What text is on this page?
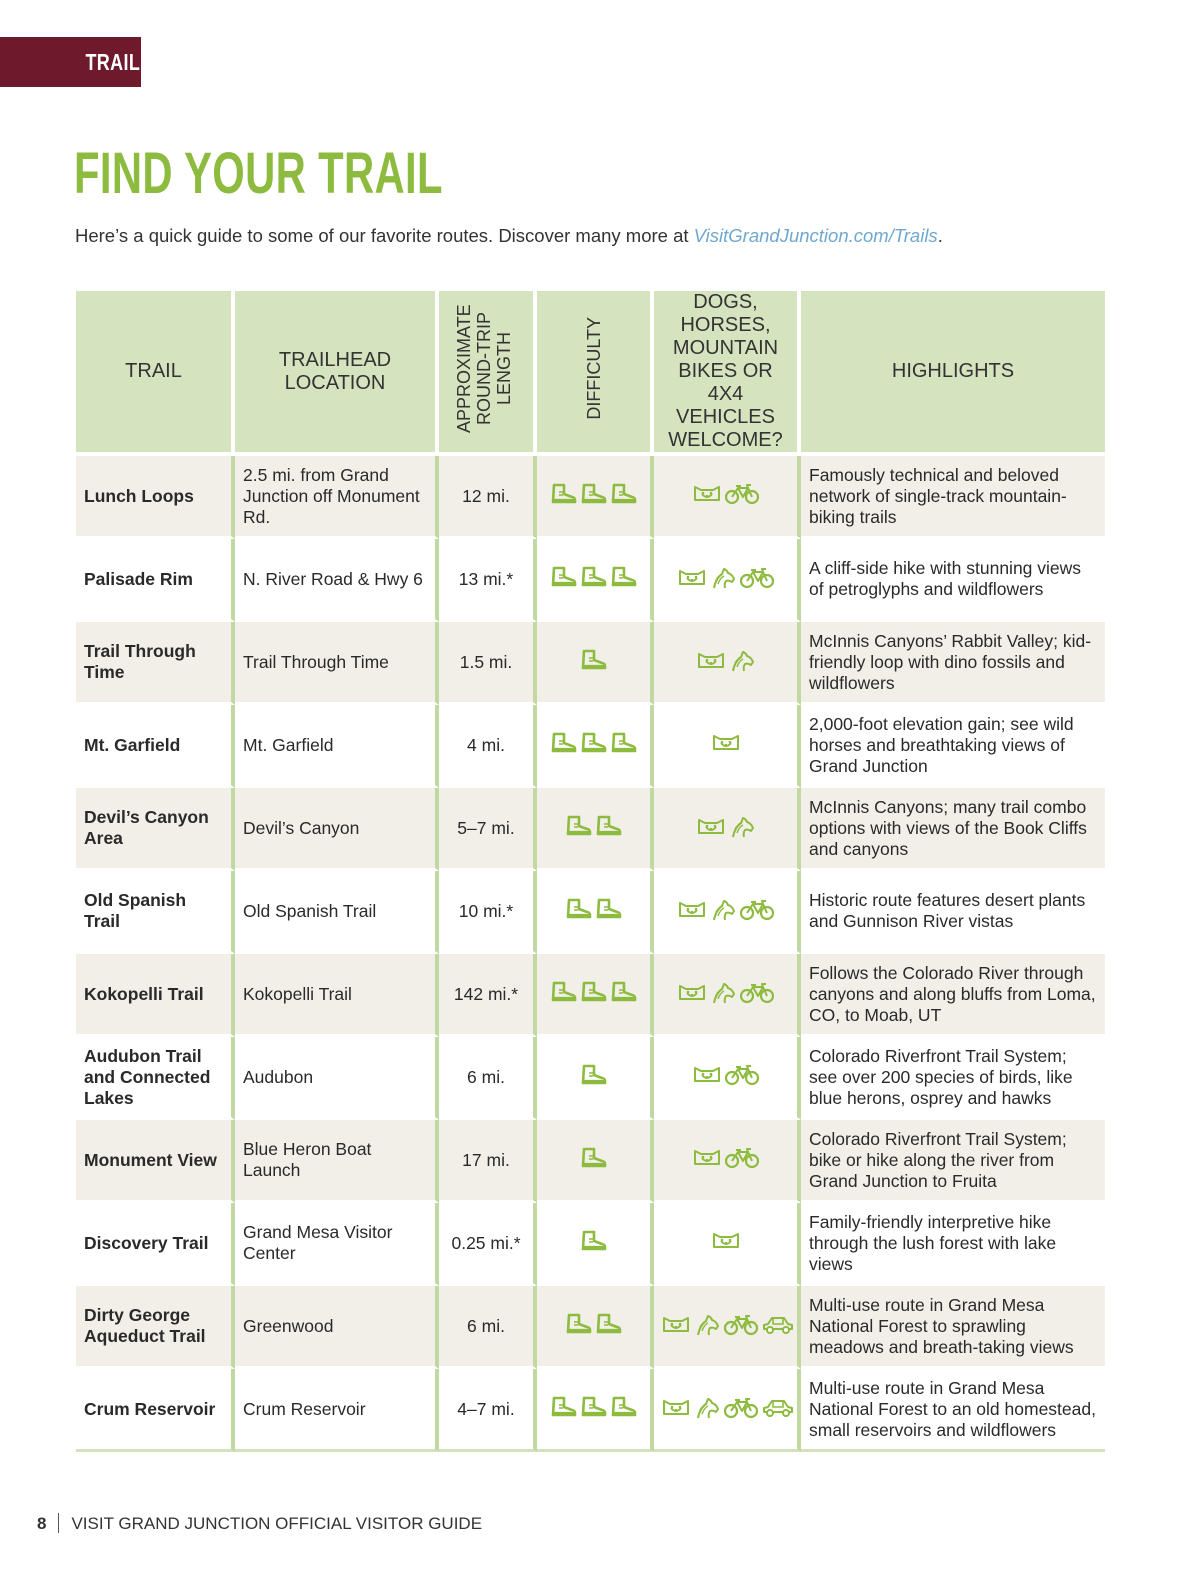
TRAILS
FIND YOUR TRAIL
Here’s a quick guide to some of our favorite routes. Discover many more at VisitGrandJunction.com/Trails.
TRAIL	TRAILHEAD LOCATION	APPROXIMATE ROUND-TRIP LENGTH	DIFFICULTY	DOGS, HORSES, MOUNTAIN BIKES OR 4X4 VEHICLES WELCOME?	HIGHLIGHTS
Lunch Loops	2.5 mi. from Grand Junction off Monument Rd.	12 mi.			Famously technical and beloved network of single-track mountain-biking trails
Palisade Rim	N. River Road & Hwy 6	13 mi.*			A cliff-side hike with stunning views of petroglyphs and wildflowers
Trail Through Time	Trail Through Time	1.5 mi.			McInnis Canyons’ Rabbit Valley; kid-friendly loop with dino fossils and wildflowers
Mt. Garfield	Mt. Garfield	4 mi.			2,000-foot elevation gain; see wild horses and breathtaking views of Grand Junction
Devil’s Canyon Area	Devil’s Canyon	5–7 mi.			McInnis Canyons; many trail combo options with views of the Book Cliffs and canyons
Old Spanish Trail	Old Spanish Trail	10 mi.*			Historic route features desert plants and Gunnison River vistas
Kokopelli Trail	Kokopelli Trail	142 mi.*			Follows the Colorado River through canyons and along bluffs from Loma, CO, to Moab, UT
Audubon Trail and Connected Lakes	Audubon	6 mi.			Colorado Riverfront Trail System; see over 200 species of birds, like blue herons, osprey and hawks
Monument View	Blue Heron Boat Launch	17 mi.			Colorado Riverfront Trail System; bike or hike along the river from Grand Junction to Fruita
Discovery Trail	Grand Mesa Visitor Center	0.25 mi.*			Family-friendly interpretive hike through the lush forest with lake views
Dirty George Aqueduct Trail	Greenwood	6 mi.			Multi-use route in Grand Mesa National Forest to sprawling meadows and breath-taking views
Crum Reservoir	Crum Reservoir	4–7 mi.			Multi-use route in Grand Mesa National Forest to an old homestead, small reservoirs and wildflowers
8 VISIT GRAND JUNCTION OFFICIAL VISITOR GUIDE
